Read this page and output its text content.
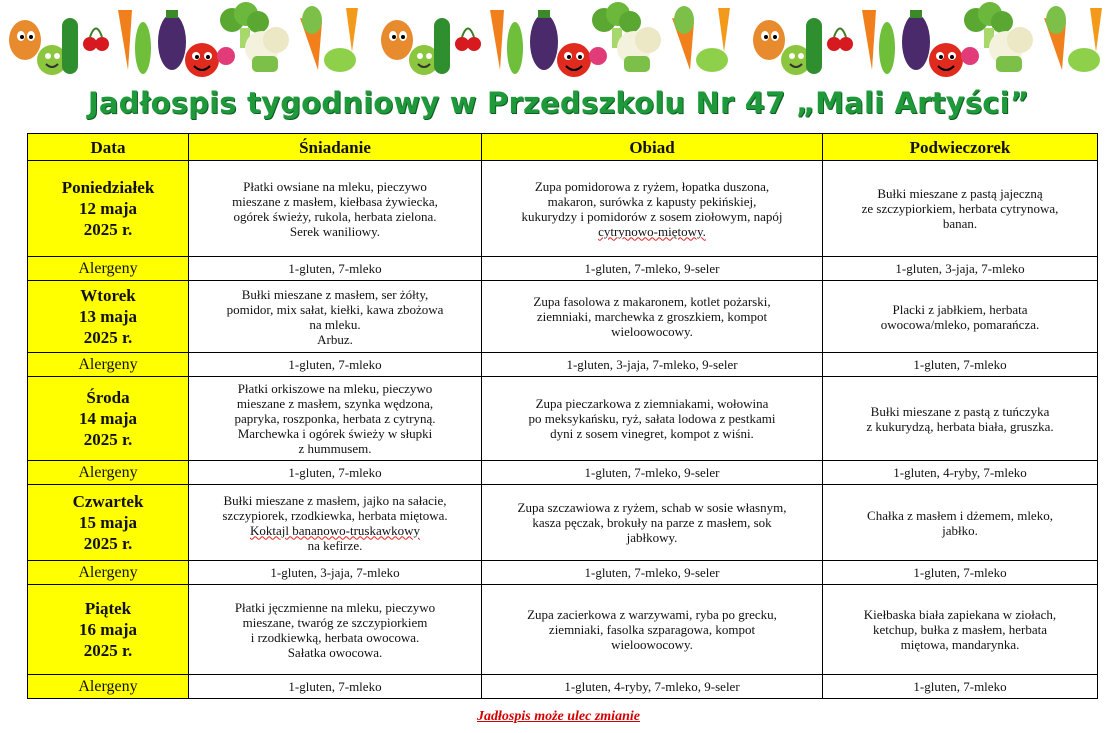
Jadłospis tygodniowy w Przedszkolu Nr 47 „Mali Artyści”
Data	Śniadanie	Obiad	Podwieczorek

Poniedziałek
12 maja
2025 r.	Płatki owsiane na mleku, pieczywo
mieszane z masłem, kiełbasa żywiecka,
ogórek świeży, rukola, herbata zielona.
Serek waniliowy.	Zupa pomidorowa z ryżem, łopatka duszona,
makaron, surówka z kapusty pekińskiej,
kukurydzy i pomidorów z sosem ziołowym, napój
cytrynowo-miętowy.	Bułki mieszane z pastą jajeczną
ze szczypiorkiem, herbata cytrynowa,
banan.

Alergeny	1-gluten, 7-mleko	1-gluten, 7-mleko, 9-seler	1-gluten, 3-jaja, 7-mleko

Wtorek
13 maja
2025 r.	Bułki mieszane z masłem, ser żółty,
pomidor, mix sałat, kiełki, kawa zbożowa
na mleku.
Arbuz.	Zupa fasolowa z makaronem, kotlet pożarski,
ziemniaki, marchewka z groszkiem, kompot
wieloowocowy.	Placki z jabłkiem, herbata
owocowa/mleko, pomarańcza.

Alergeny	1-gluten, 7-mleko	1-gluten, 3-jaja, 7-mleko, 9-seler	1-gluten, 7-mleko

Środa
14 maja
2025 r.	Płatki orkiszowe na mleku, pieczywo
mieszane z masłem, szynka wędzona,
papryka, roszponka, herbata z cytryną.
Marchewka i ogórek świeży w słupki
z hummusem.	Zupa pieczarkowa z ziemniakami, wołowina
po meksykańsku, ryż, sałata lodowa z pestkami
dyni z sosem vinegret, kompot z wiśni.	Bułki mieszane z pastą z tuńczyka
z kukurydzą, herbata biała, gruszka.

Alergeny	1-gluten, 7-mleko	1-gluten, 7-mleko, 9-seler	1-gluten, 4-ryby, 7-mleko

Czwartek
15 maja
2025 r.	Bułki mieszane z masłem, jajko na sałacie,
szczypiorek, rzodkiewka, herbata miętowa.
Koktajl bananowo-truskawkowy
na kefirze.	Zupa szczawiowa z ryżem, schab w sosie własnym,
kasza pęczak, brokuły na parze z masłem, sok
jabłkowy.	Chałka z masłem i dżemem, mleko,
jabłko.

Alergeny	1-gluten, 3-jaja, 7-mleko	1-gluten, 7-mleko, 9-seler	1-gluten, 7-mleko

Piątek
16 maja
2025 r.	Płatki jęczmienne na mleku, pieczywo
mieszane, twaróg ze szczypiorkiem
i rzodkiewką, herbata owocowa.
Sałatka owocowa.	Zupa zacierkowa z warzywami, ryba po grecku,
ziemniaki, fasolka szparagowa, kompot
wieloowocowy.	Kiełbaska biała zapiekana w ziołach,
ketchup, bułka z masłem, herbata
miętowa, mandarynka.

Alergeny	1-gluten, 7-mleko	1-gluten, 4-ryby, 7-mleko, 9-seler	1-gluten, 7-mleko
Jadłospis może ulec zmianie
